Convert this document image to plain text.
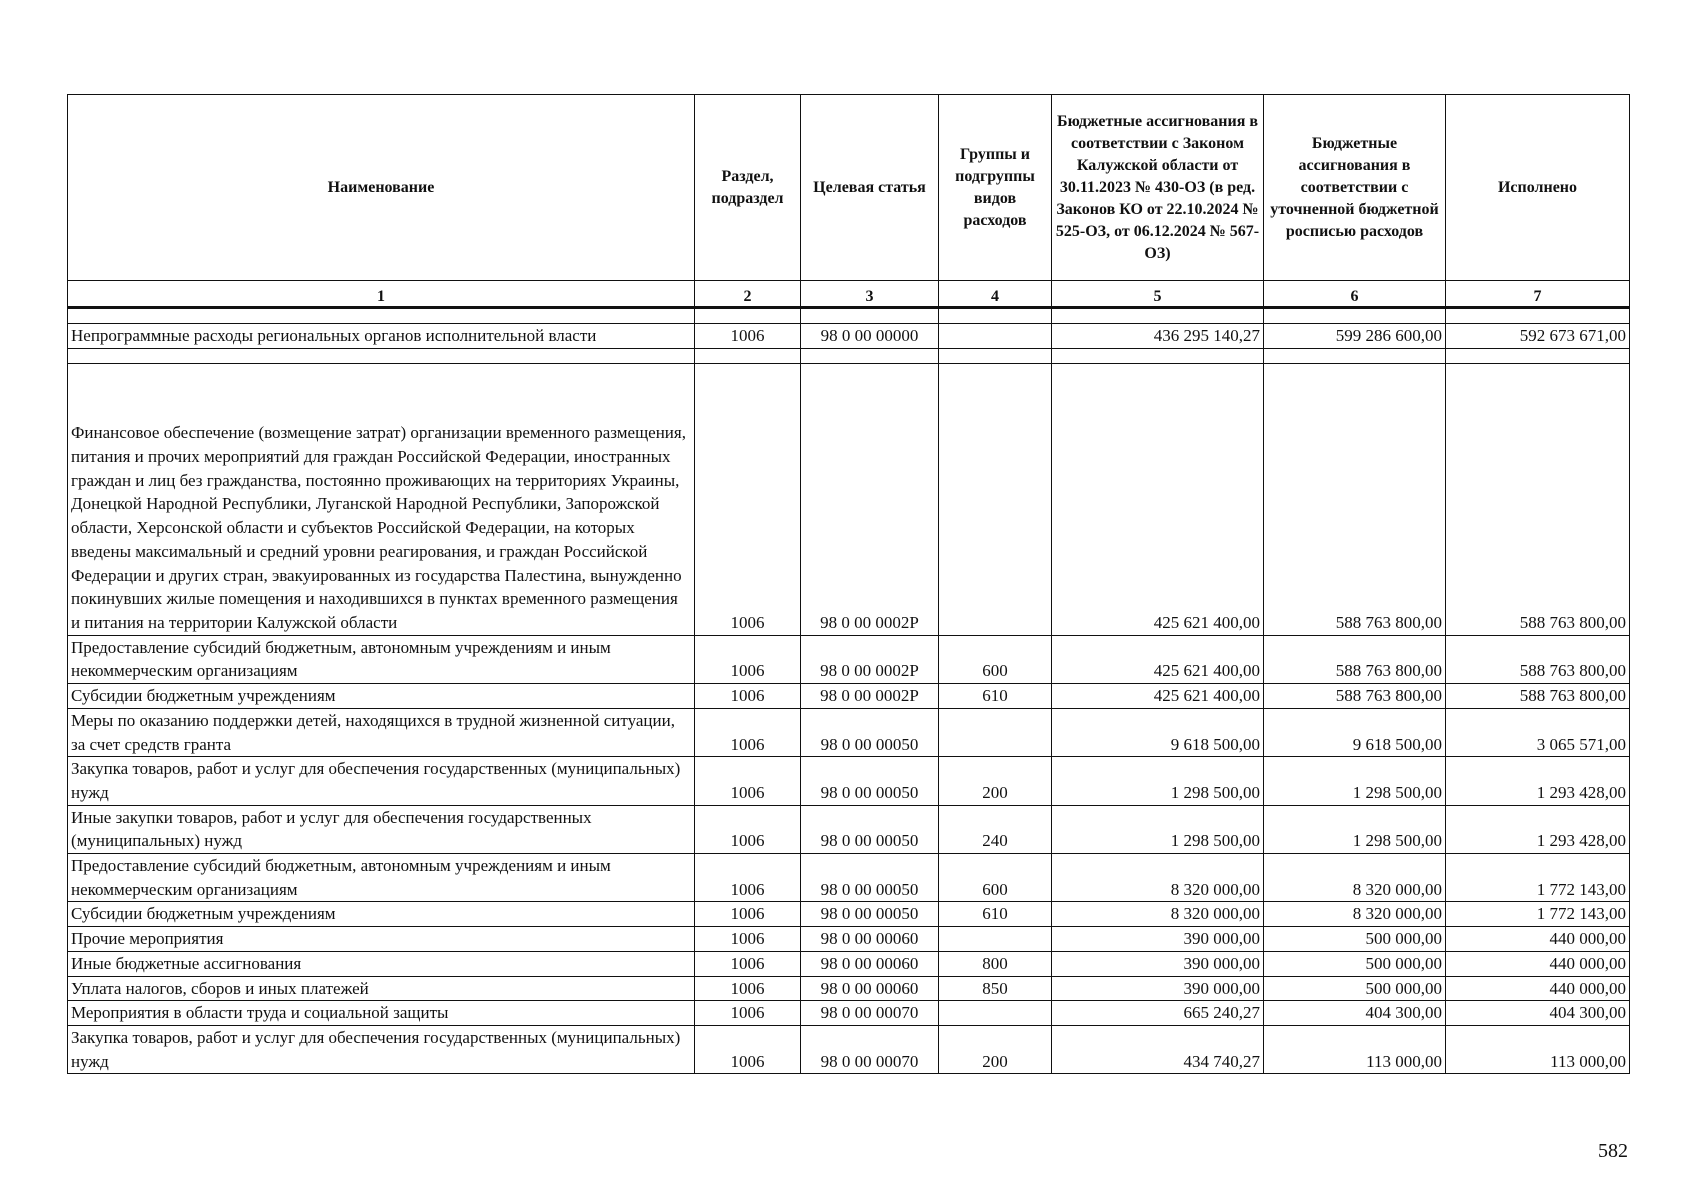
Наименование	Раздел, подраздел	Целевая статья	Группы и подгруппы видов расходов	Бюджетные ассигнования в соответствии с Законом Калужской области от 30.11.2023 № 430-ОЗ (в ред. Законов КО от 22.10.2024 № 525-ОЗ, от 06.12.2024 № 567-ОЗ)	Бюджетные ассигнования в соответствии с уточненной бюджетной росписью расходов	Исполнено
1	2	3	4	5	6	7

Непрограммные расходы региональных органов исполнительной власти	1006	98 0 00 00000		436 295 140,27	599 286 600,00	592 673 671,00

Финансовое обеспечение (возмещение затрат) организации временного размещения, питания и прочих мероприятий для граждан Российской Федерации, иностранных граждан и лиц без гражданства, постоянно проживающих на территориях Украины, Донецкой Народной Республики, Луганской Народной Республики, Запорожской области, Херсонской области и субъектов Российской Федерации, на которых введены максимальный и средний уровни реагирования, и граждан Российской Федерации и других стран, эвакуированных из государства Палестина, вынужденно покинувших жилые помещения и находившихся в пунктах временного размещения и питания на территории Калужской области	1006	98 0 00 0002Р		425 621 400,00	588 763 800,00	588 763 800,00
Предоставление субсидий бюджетным, автономным учреждениям и иным некоммерческим организациям	1006	98 0 00 0002Р	600	425 621 400,00	588 763 800,00	588 763 800,00
Субсидии бюджетным учреждениям	1006	98 0 00 0002Р	610	425 621 400,00	588 763 800,00	588 763 800,00
Меры по оказанию поддержки детей, находящихся в трудной жизненной ситуации, за счет средств гранта	1006	98 0 00 00050		9 618 500,00	9 618 500,00	3 065 571,00
Закупка товаров, работ и услуг для обеспечения государственных (муниципальных) нужд	1006	98 0 00 00050	200	1 298 500,00	1 298 500,00	1 293 428,00
Иные закупки товаров, работ и услуг для обеспечения государственных (муниципальных) нужд	1006	98 0 00 00050	240	1 298 500,00	1 298 500,00	1 293 428,00
Предоставление субсидий бюджетным, автономным учреждениям и иным некоммерческим организациям	1006	98 0 00 00050	600	8 320 000,00	8 320 000,00	1 772 143,00
Субсидии бюджетным учреждениям	1006	98 0 00 00050	610	8 320 000,00	8 320 000,00	1 772 143,00
Прочие мероприятия	1006	98 0 00 00060		390 000,00	500 000,00	440 000,00
Иные бюджетные ассигнования	1006	98 0 00 00060	800	390 000,00	500 000,00	440 000,00
Уплата налогов, сборов и иных платежей	1006	98 0 00 00060	850	390 000,00	500 000,00	440 000,00
Мероприятия в области труда и социальной защиты	1006	98 0 00 00070		665 240,27	404 300,00	404 300,00
Закупка товаров, работ и услуг для обеспечения государственных (муниципальных) нужд	1006	98 0 00 00070	200	434 740,27	113 000,00	113 000,00
582
